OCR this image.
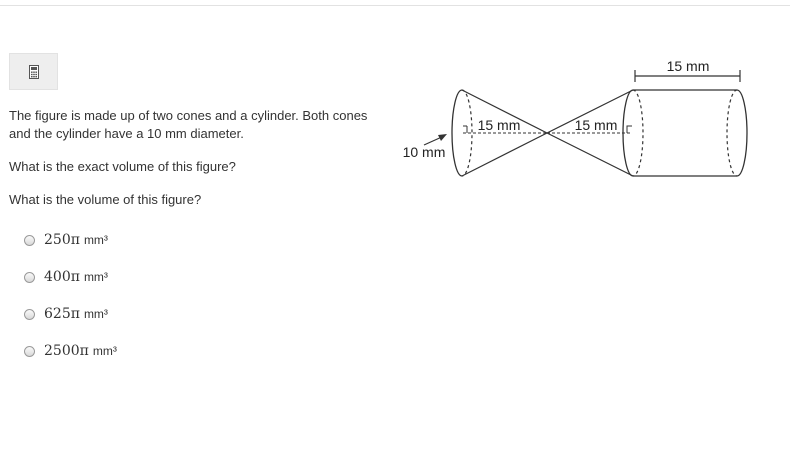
The figure is made up of two cones and a cylinder. Both cones and the cylinder have a 10 mm diameter.

What is the exact volume of this figure?

What is the volume of this figure?

250π mm³
400π mm³
625π mm³
2500π mm³
15 mm
15 mm	15 mm
10 mm
